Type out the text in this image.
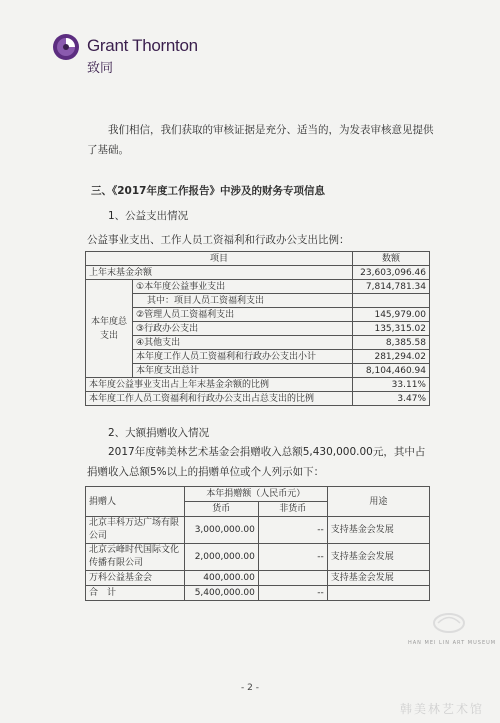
Grant Thornton
致同
我们相信，我们获取的审核证据是充分、适当的，为发表审核意见提供了基础。
三、《2017年度工作报告》中涉及的财务专项信息
1、公益支出情况
公益事业支出、工作人员工资福利和行政办公支出比例：
项目		数额
上年末基金余额		23,603,096.46
本年度总支出	①本年度公益事业支出	7,814,781.34
	其中：项目人员工资福利支出	
	②管理人员工资福利支出	145,979.00
	③行政办公支出	135,315.02
	④其他支出	8,385.58
	本年度工作人员工资福利和行政办公支出小计	281,294.02
	本年度支出总计	8,104,460.94
本年度公益事业支出占上年末基金余额的比例		33.11%
本年度工作人员工资福利和行政办公支出占总支出的比例		3.47%
2、大额捐赠收入情况
2017年度韩美林艺术基金会捐赠收入总额5,430,000.00元，其中占捐赠收入总额5%以上的捐赠单位或个人列示如下：
捐赠人	本年捐赠额（人民币元）		用途
	货币	非货币	
北京丰科万达广场有限公司	3,000,000.00	--	支持基金会发展
北京云峰时代国际文化传播有限公司	2,000,000.00	--	支持基金会发展
万科公益基金会	400,000.00		支持基金会发展
合　计	5,400,000.00	--	
- 2 -
HAN MEI LIN ART MUSEUM
韩美林艺术馆
